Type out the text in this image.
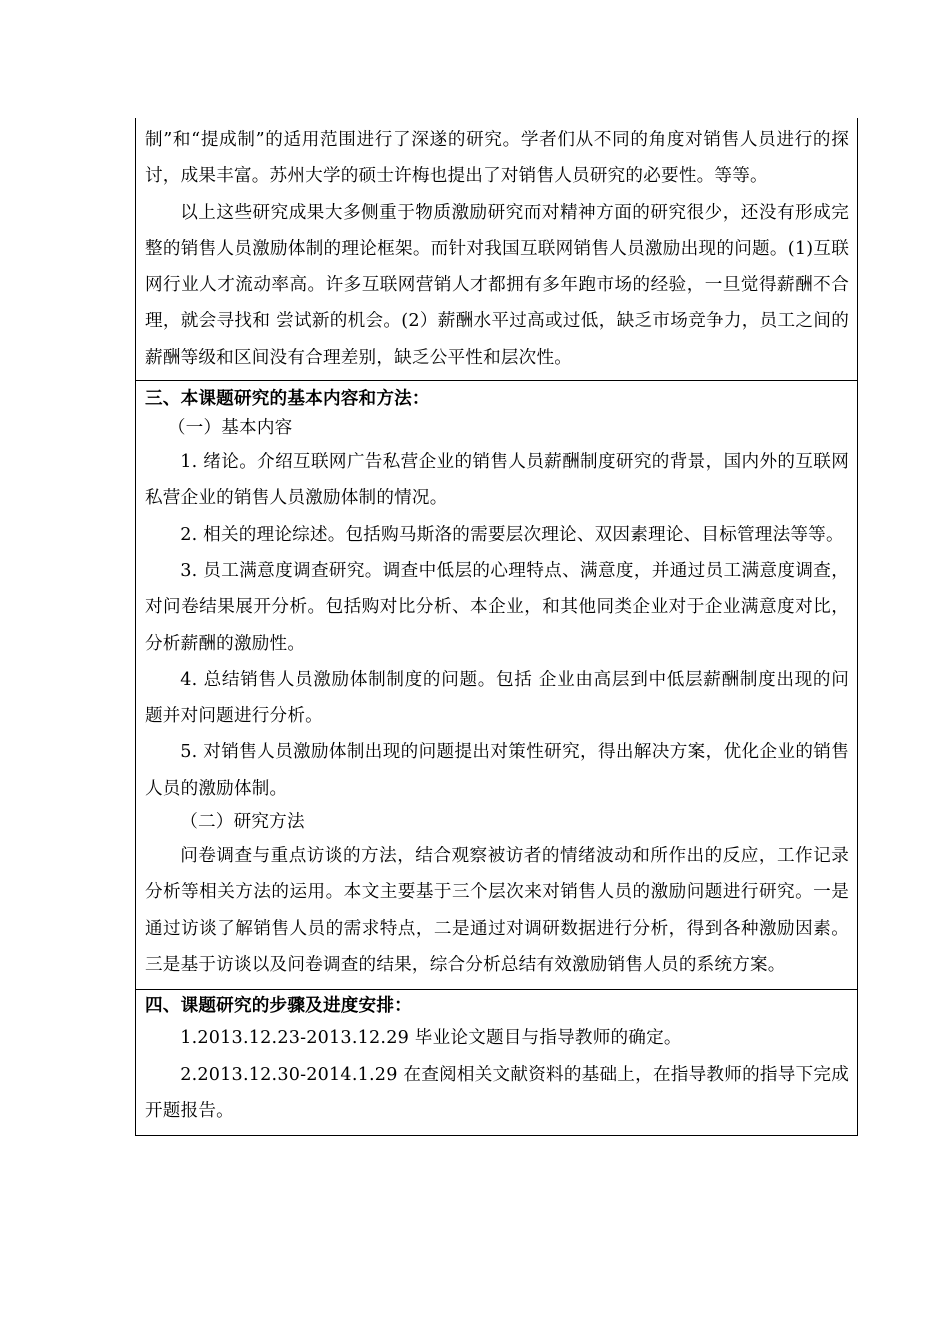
制”和“提成制”的适用范围进行了深遂的研究。学者们从不同的角度对销售人员进行的探讨，成果丰富。苏州大学的硕士许梅也提出了对销售人员研究的必要性。等等。

以上这些研究成果大多侧重于物质激励研究而对精神方面的研究很少，还没有形成完整的销售人员激励体制的理论框架。而针对我国互联网销售人员激励出现的问题。(1)互联网行业人才流动率高。许多互联网营销人才都拥有多年跑市场的经验，一旦觉得薪酬不合理，就会寻找和 尝试新的机会。(2）薪酬水平过高或过低，缺乏市场竞争力，员工之间的薪酬等级和区间没有合理差别，缺乏公平性和层次性。

三、本课题研究的基本内容和方法：

（一）基本内容

1. 绪论。介绍互联网广告私营企业的销售人员薪酬制度研究的背景，国内外的互联网私营企业的销售人员激励体制的情况。

2. 相关的理论综述。包括购马斯洛的需要层次理论、双因素理论、目标管理法等等。

3. 员工满意度调查研究。调查中低层的心理特点、满意度，并通过员工满意度调查，对问卷结果展开分析。包括购对比分析、本企业，和其他同类企业对于企业满意度对比，分析薪酬的激励性。

4. 总结销售人员激励体制制度的问题。包括 企业由高层到中低层薪酬制度出现的问题并对问题进行分析。

5. 对销售人员激励体制出现的问题提出对策性研究，得出解决方案，优化企业的销售人员的激励体制。

（二）研究方法

问卷调查与重点访谈的方法，结合观察被访者的情绪波动和所作出的反应，工作记录分析等相关方法的运用。本文主要基于三个层次来对销售人员的激励问题进行研究。一是通过访谈了解销售人员的需求特点，二是通过对调研数据进行分析，得到各种激励因素。三是基于访谈以及问卷调查的结果，综合分析总结有效激励销售人员的系统方案。

四、课题研究的步骤及进度安排：

1.2013.12.23-2013.12.29 毕业论文题目与指导教师的确定。

2.2013.12.30-2014.1.29 在查阅相关文献资料的基础上，在指导教师的指导下完成开题报告。
